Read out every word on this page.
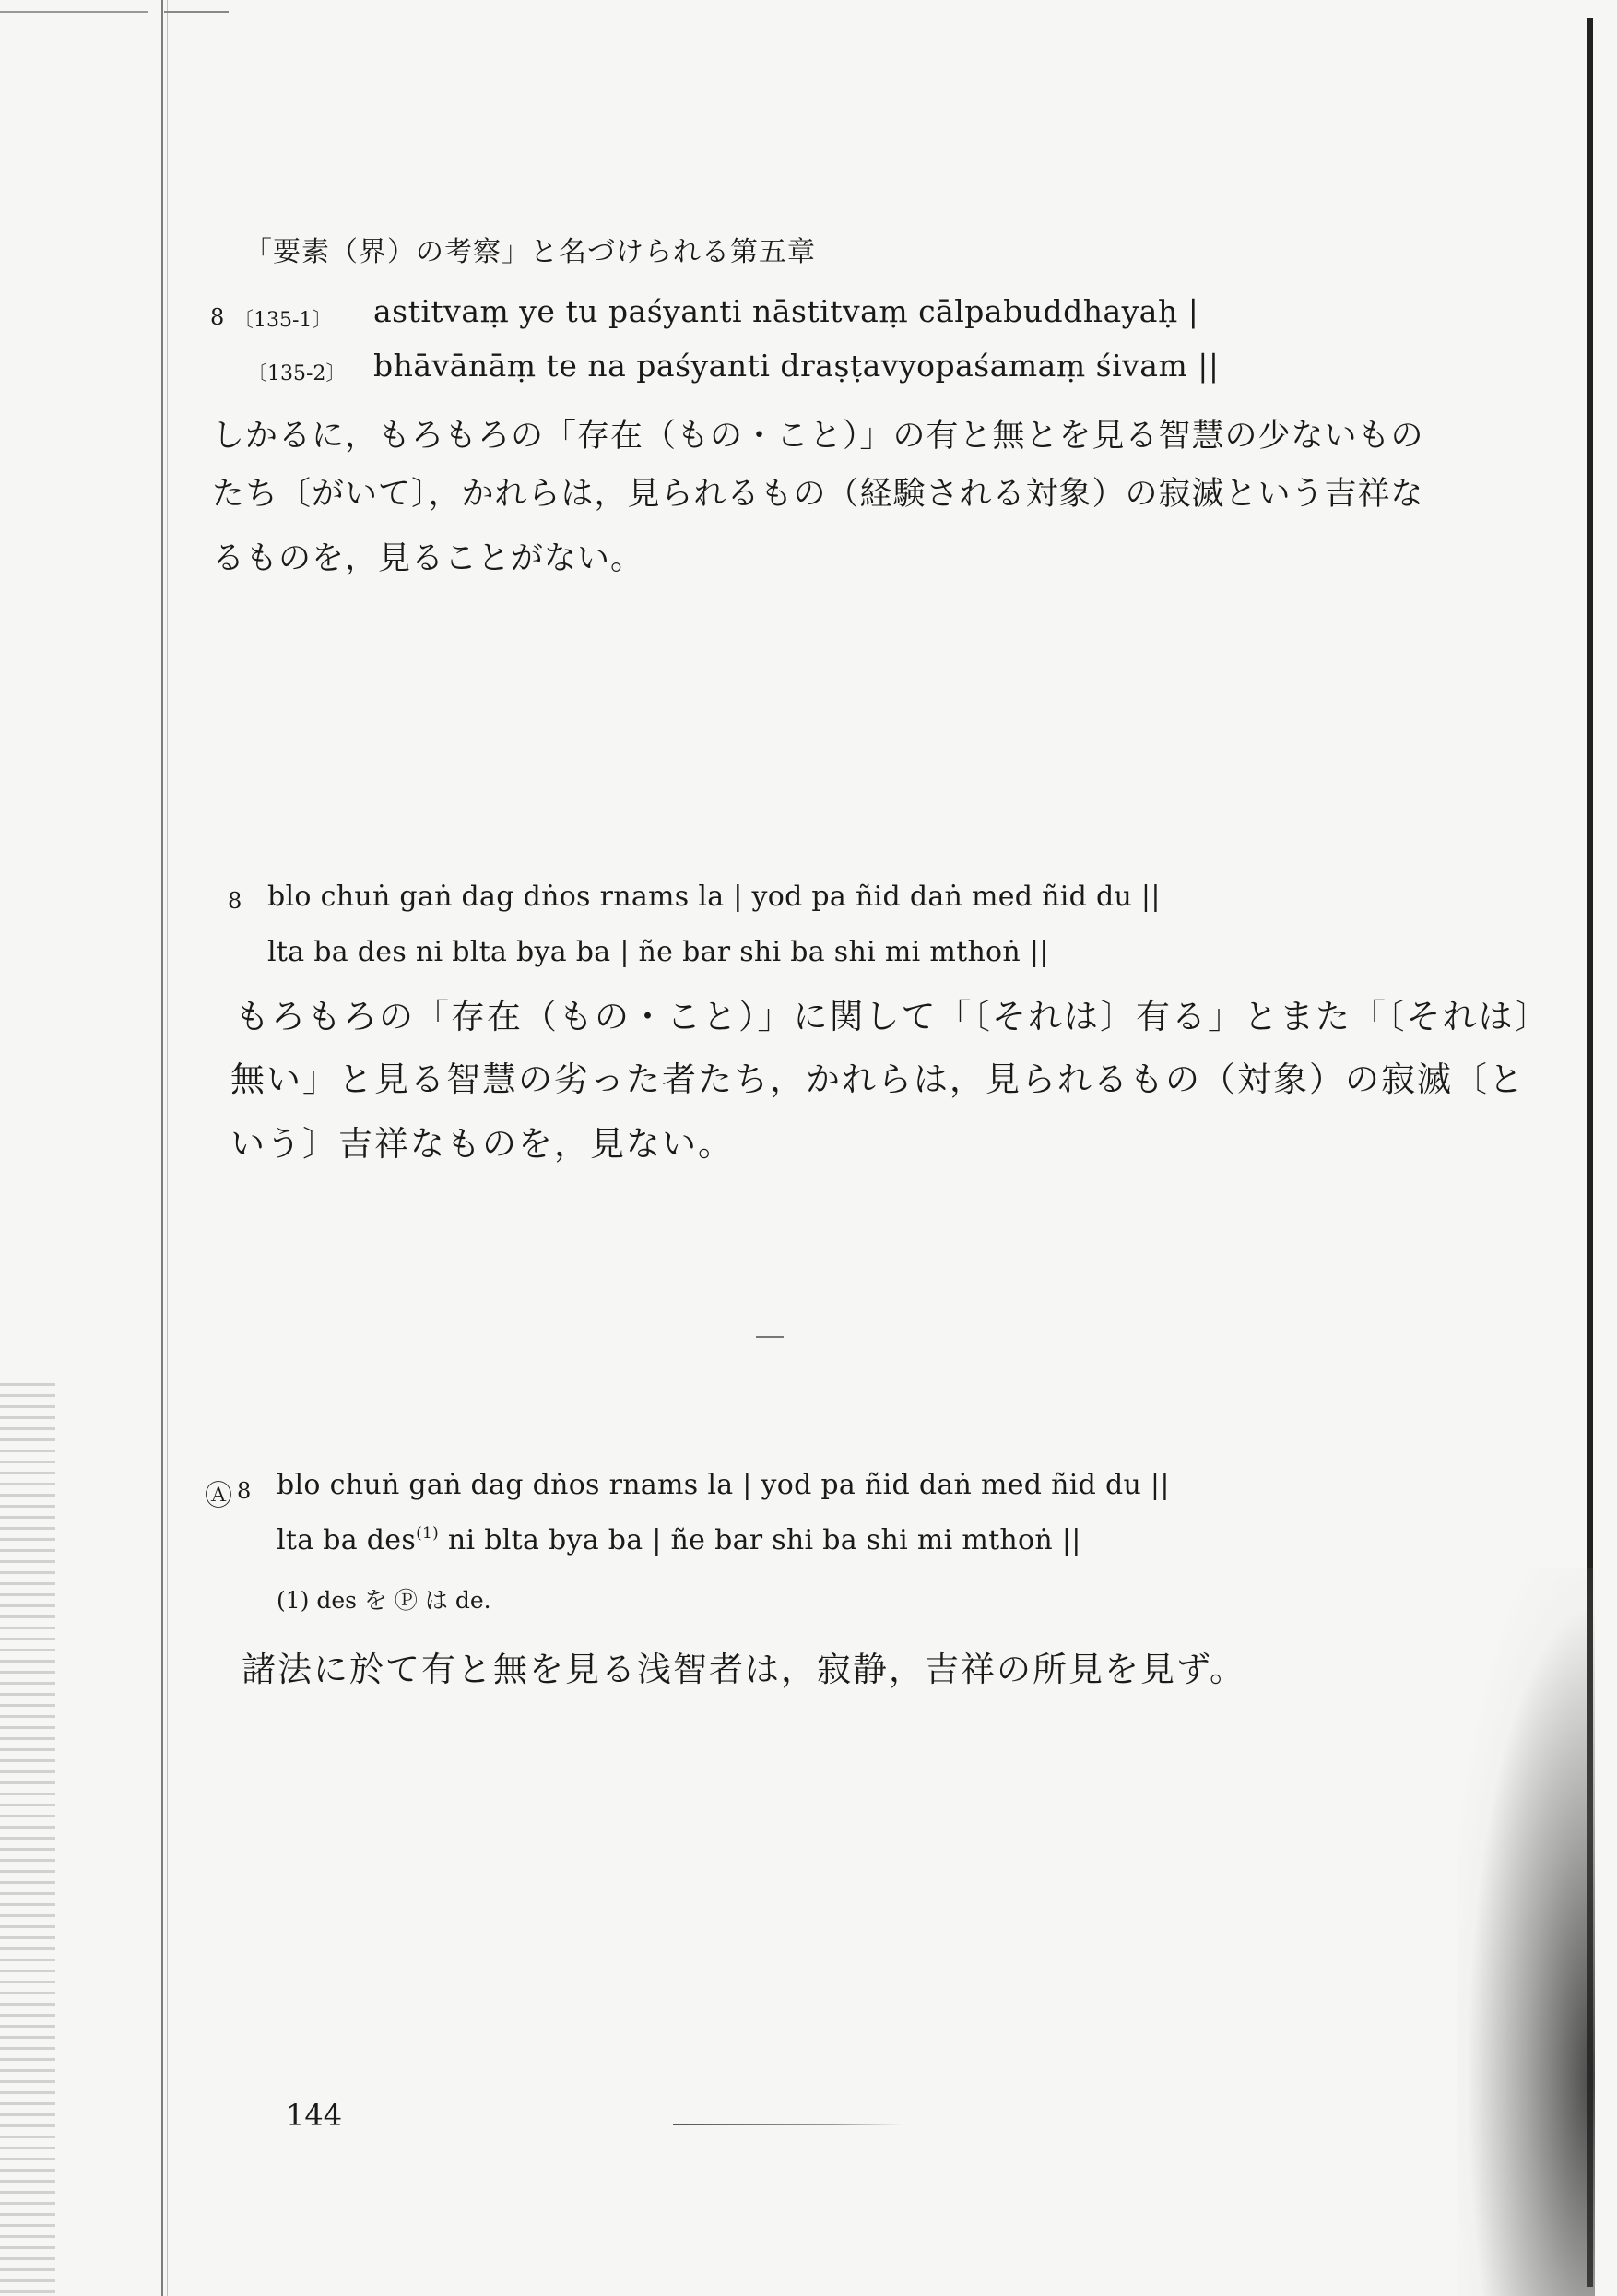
「要素（界）の考察」と名づけられる第五章
8 〔135-1〕 astitvaṃ ye tu paśyanti nāstitvaṃ cālpabuddhayaḥ |
〔135-2〕 bhāvānāṃ te na paśyanti draṣṭavyopaśamaṃ śivam ||
しかるに，もろもろの「存在（もの・こと）」の有と無とを見る智慧の少ないもの
たち〔がいて〕，かれらは，見られるもの（経験される対象）の寂滅という吉祥な
るものを，見ることがない。
8 blo chuṅ gaṅ dag dṅos rnams la | yod pa ñid daṅ med ñid du ||
lta ba des ni blta bya ba | ñe bar shi ba shi mi mthoṅ ||
もろもろの「存在（もの・こと）」に関して「〔それは〕有る」とまた「〔それは〕
無い」と見る智慧の劣った者たち，かれらは，見られるもの（対象）の寂滅〔と
いう〕吉祥なものを，見ない。
Ⓐ 8 blo chuṅ gaṅ dag dṅos rnams la | yod pa ñid daṅ med ñid du ||
lta ba des$^{(1)}$ ni blta bya ba | ñe bar shi ba shi mi mthoṅ ||
(1) des を Ⓟ は de.
諸法に於て有と無を見る浅智者は，寂静，吉祥の所見を見ず。
144
